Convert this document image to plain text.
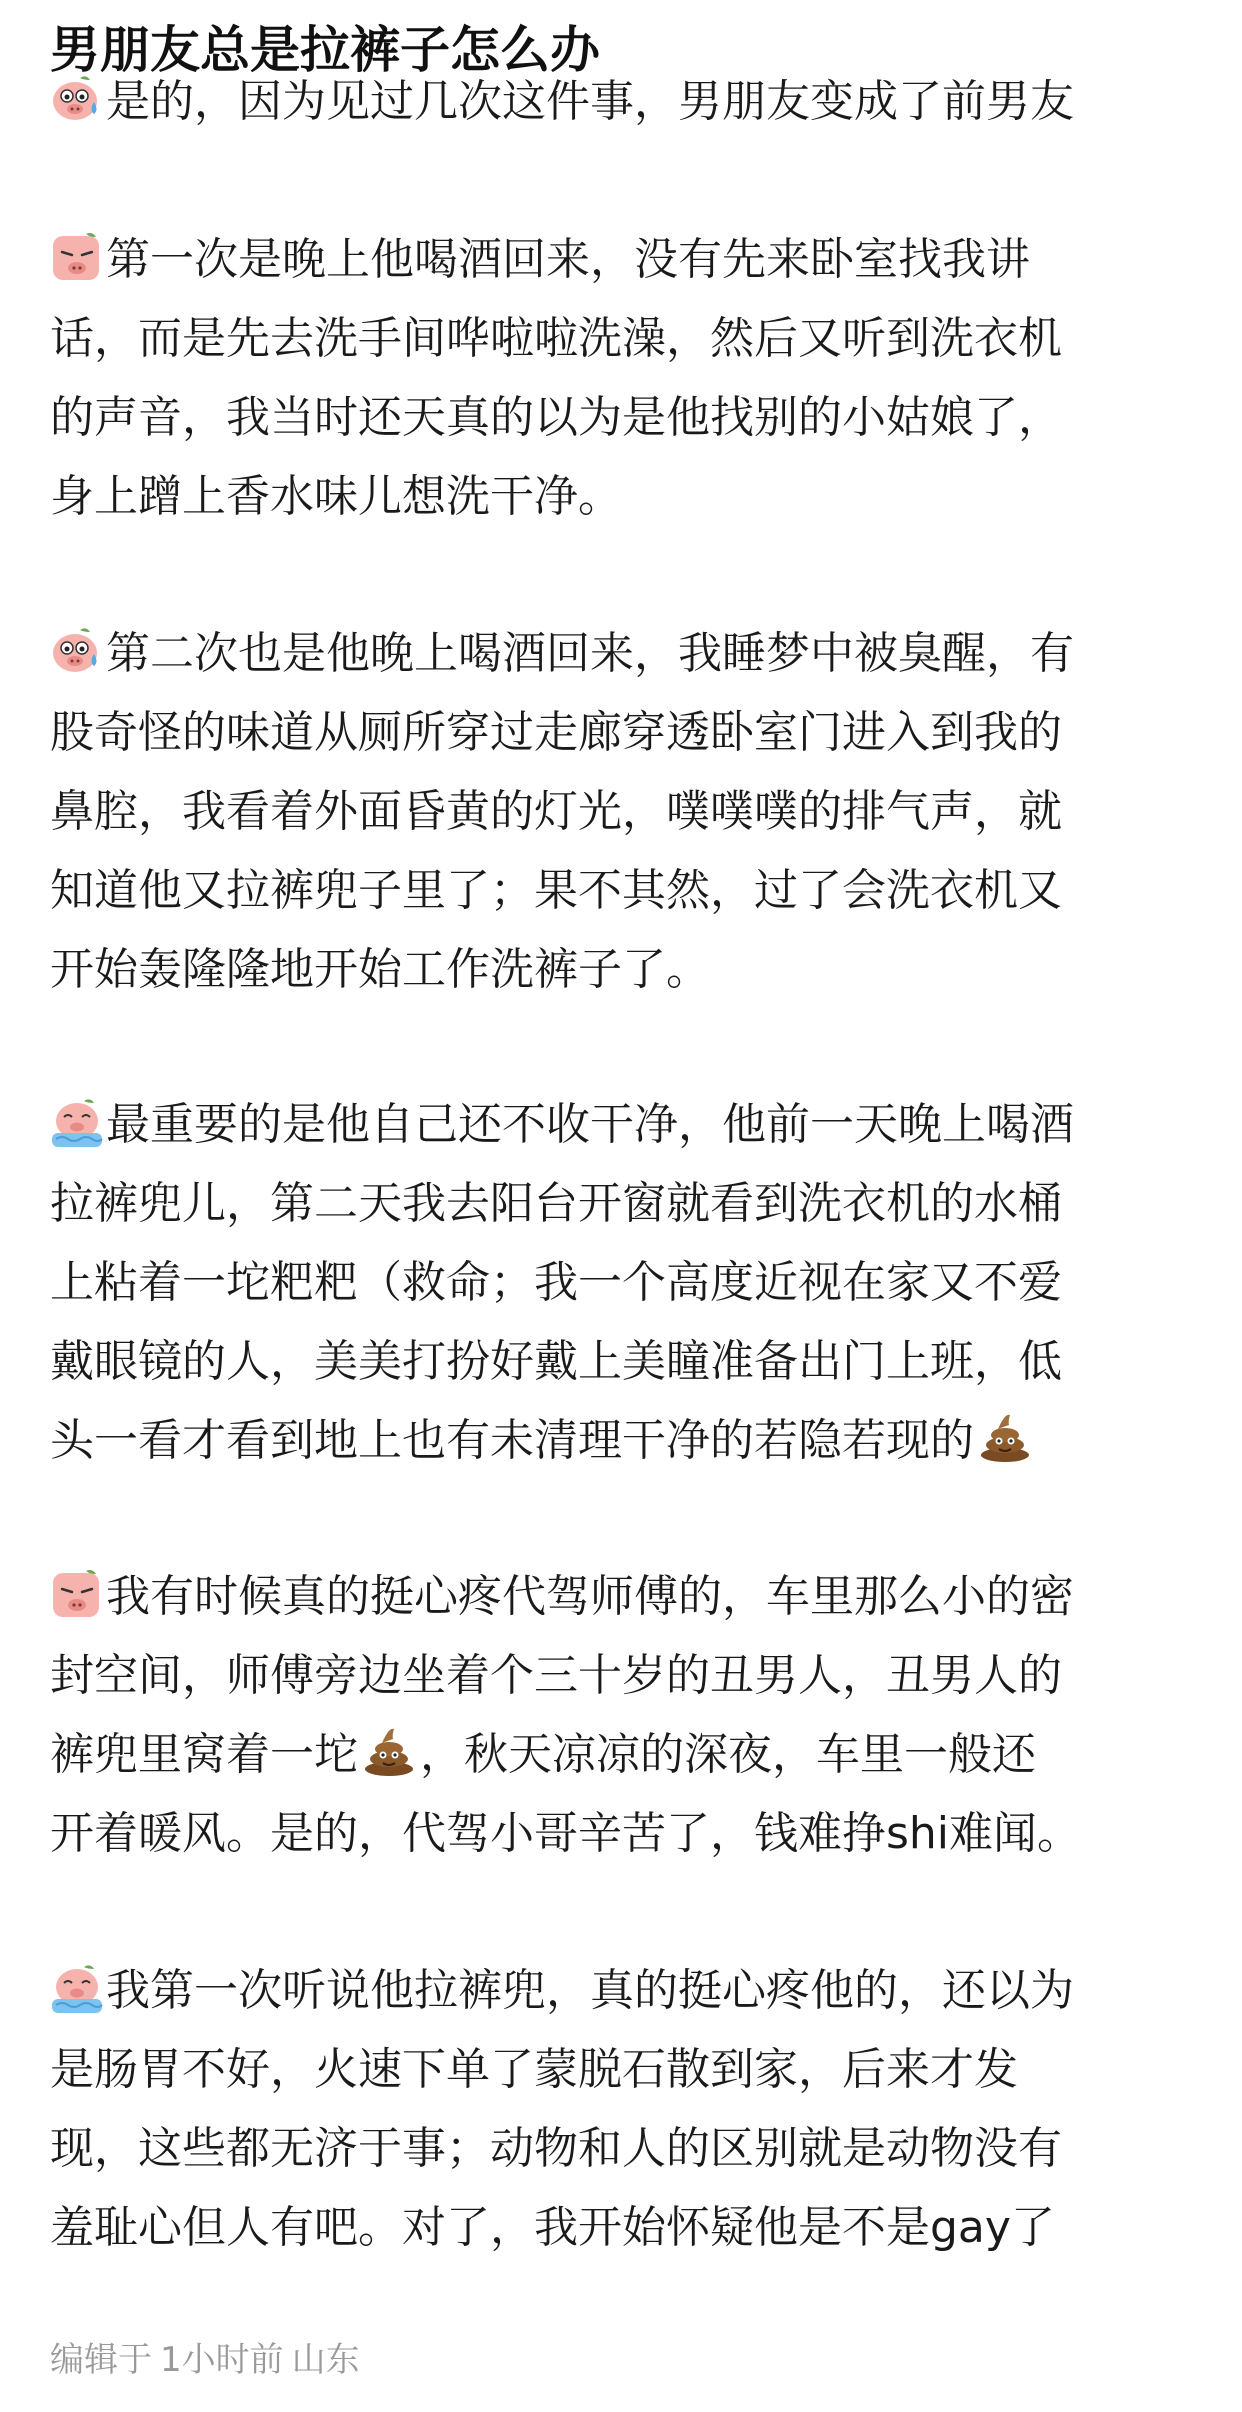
男朋友总是拉裤子怎么办
是的，因为见过几次这件事，男朋友变成了前男友
第一次是晚上他喝酒回来，没有先来卧室找我讲
话，而是先去洗手间哗啦啦洗澡，然后又听到洗衣机
的声音，我当时还天真的以为是他找别的小姑娘了，
身上蹭上香水味儿想洗干净。
第二次也是他晚上喝酒回来，我睡梦中被臭醒，有
股奇怪的味道从厕所穿过走廊穿透卧室门进入到我的
鼻腔，我看着外面昏黄的灯光，噗噗噗的排气声，就
知道他又拉裤兜子里了；果不其然，过了会洗衣机又
开始轰隆隆地开始工作洗裤子了。
最重要的是他自己还不收干净，他前一天晚上喝酒
拉裤兜儿，第二天我去阳台开窗就看到洗衣机的水桶
上粘着一坨粑粑（救命；我一个高度近视在家又不爱
戴眼镜的人，美美打扮好戴上美瞳准备出门上班，低
头一看才看到地上也有未清理干净的若隐若现的
我有时候真的挺心疼代驾师傅的，车里那么小的密
封空间，师傅旁边坐着个三十岁的丑男人，丑男人的
裤兜里窝着一坨 ，秋天凉凉的深夜，车里一般还
开着暖风。是的，代驾小哥辛苦了，钱难挣shi难闻。
我第一次听说他拉裤兜，真的挺心疼他的，还以为
是肠胃不好，火速下单了蒙脱石散到家，后来才发
现，这些都无济于事；动物和人的区别就是动物没有
羞耻心但人有吧。对了，我开始怀疑他是不是gay了
编辑于 1小时前 山东
